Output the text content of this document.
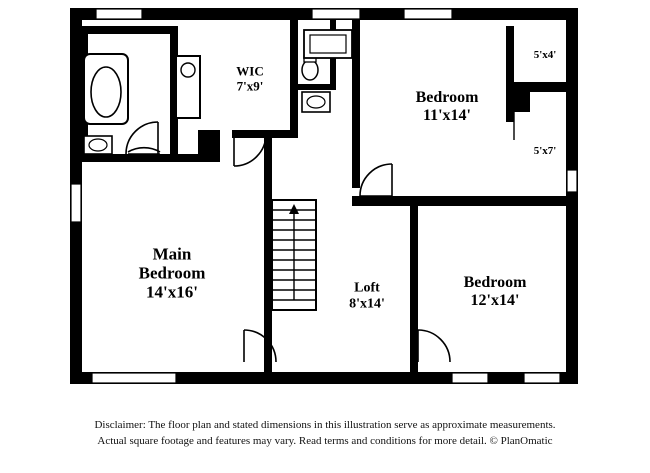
Main
Bedroom
14'x16'
Bedroom
11'x14'
Bedroom
12'x14'
Loft
8'x14'
WIC
7'x9'
5'x4'
5'x7'
Disclaimer: The floor plan and stated dimensions in this illustration serve as approximate measurements.
Actual square footage and features may vary. Read terms and conditions for more detail. © PlanOmatic
